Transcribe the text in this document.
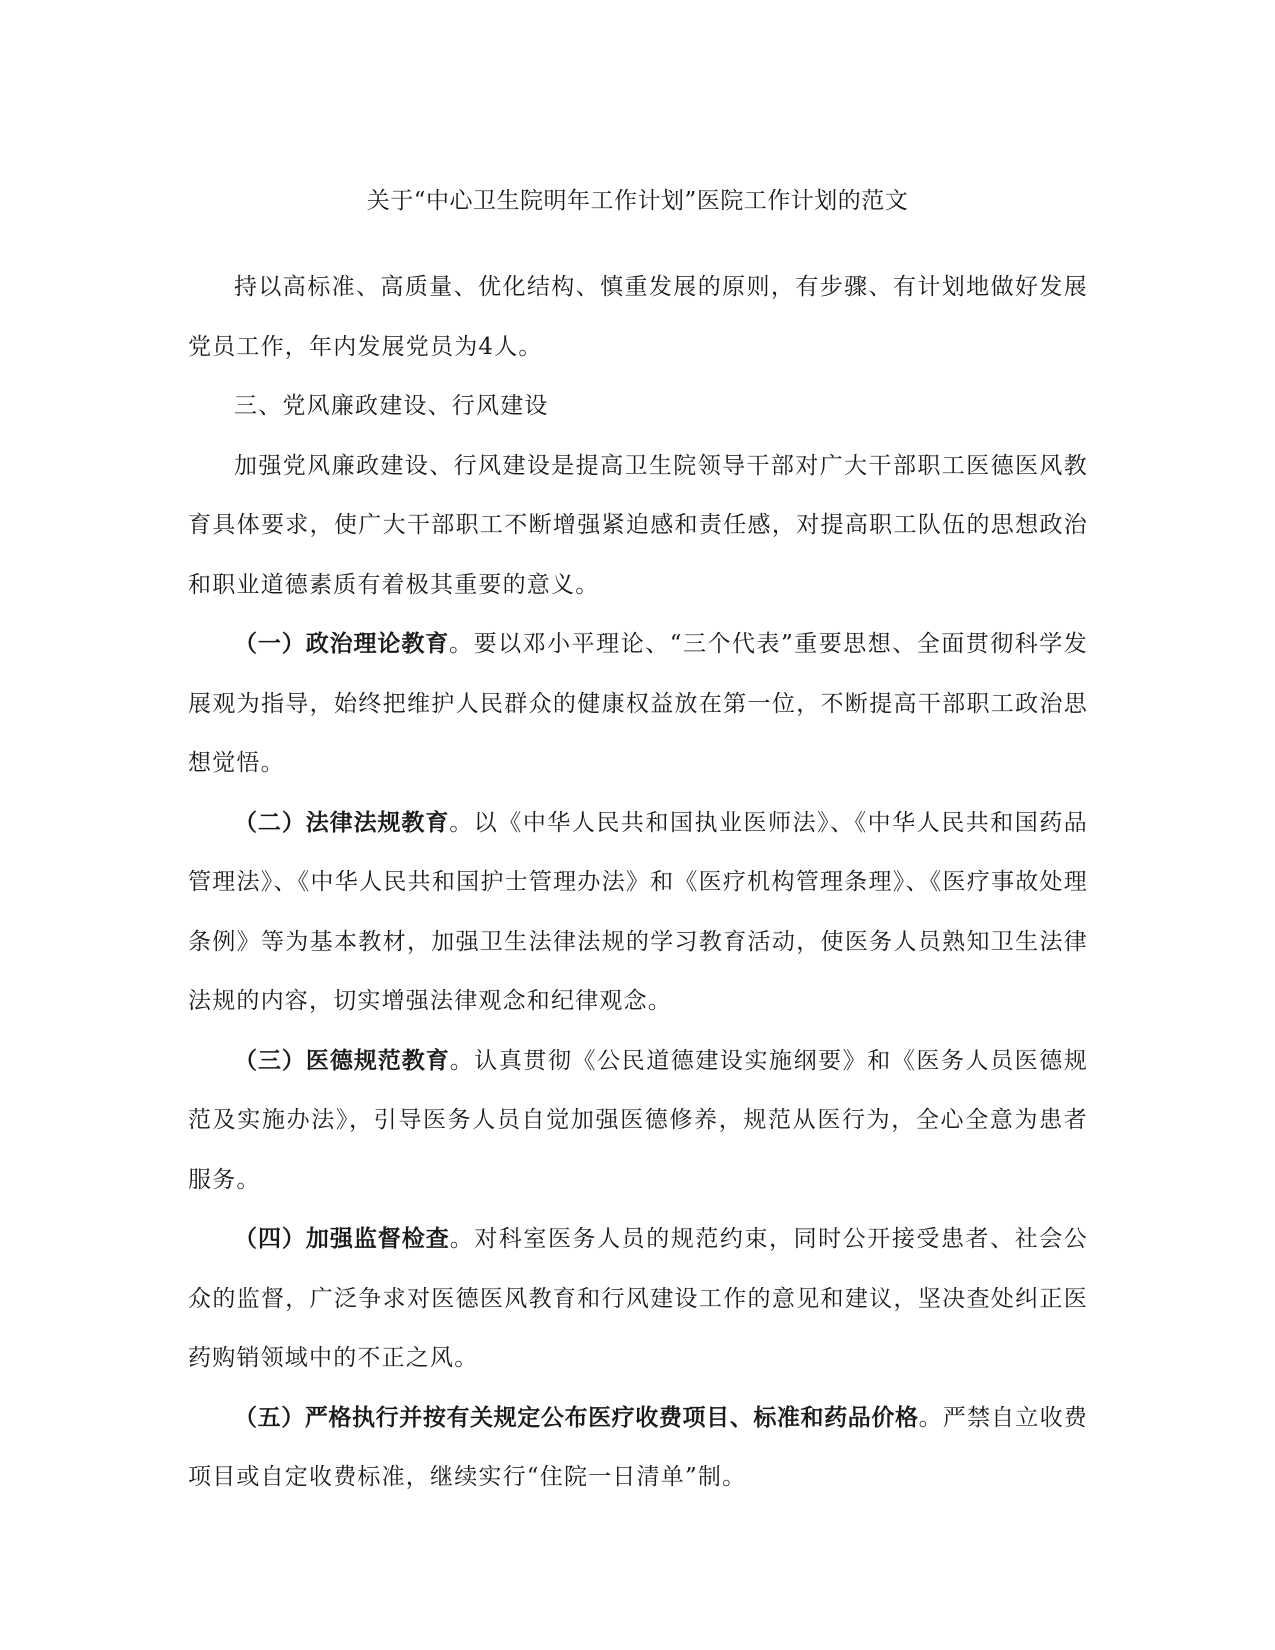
关于“中心卫生院明年工作计划”医院工作计划的范文

持以高标准、高质量、优化结构、慎重发展的原则，有步骤、有计划地做好发展党员工作，年内发展党员为4人。

三、党风廉政建设、行风建设

加强党风廉政建设、行风建设是提高卫生院领导干部对广大干部职工医德医风教育具体要求，使广大干部职工不断增强紧迫感和责任感，对提高职工队伍的思想政治和职业道德素质有着极其重要的意义。

（一）政治理论教育。要以邓小平理论、“三个代表”重要思想、全面贯彻科学发展观为指导，始终把维护人民群众的健康权益放在第一位，不断提高干部职工政治思想觉悟。

（二）法律法规教育。以《中华人民共和国执业医师法》、《中华人民共和国药品管理法》、《中华人民共和国护士管理办法》和《医疗机构管理条理》、《医疗事故处理条例》等为基本教材，加强卫生法律法规的学习教育活动，使医务人员熟知卫生法律法规的内容，切实增强法律观念和纪律观念。

（三）医德规范教育。认真贯彻《公民道德建设实施纲要》和《医务人员医德规范及实施办法》，引导医务人员自觉加强医德修养，规范从医行为，全心全意为患者服务。

（四）加强监督检查。对科室医务人员的规范约束，同时公开接受患者、社会公众的监督，广泛争求对医德医风教育和行风建设工作的意见和建议，坚决查处纠正医药购销领域中的不正之风。

（五）严格执行并按有关规定公布医疗收费项目、标准和药品价格。严禁自立收费项目或自定收费标准，继续实行“住院一日清单”制。
